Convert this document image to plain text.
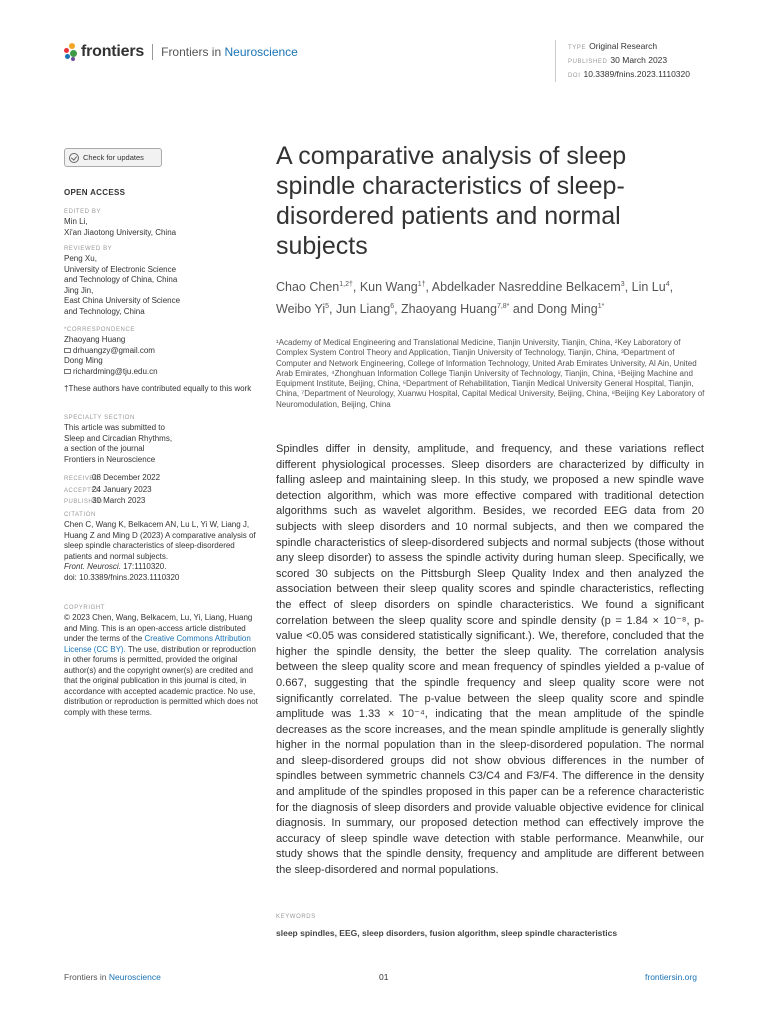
frontiers Frontiers in Neuroscience	TYPE Original Research
PUBLISHED 30 March 2023
DOI 10.3389/fnins.2023.1110320
Check for updates
OPEN ACCESS
EDITED BY
Min Li,
Xi'an Jiaotong University, China
REVIEWED BY
Peng Xu,
University of Electronic Science
and Technology of China, China
Jing Jin,
East China University of Science
and Technology, China
*CORRESPONDENCE
Zhaoyang Huang
drhuangzy@gmail.com
Dong Ming
richardming@tju.edu.cn
†These authors have contributed equally to this work
SPECIALTY SECTION
This article was submitted to
Sleep and Circadian Rhythms,
a section of the journal
Frontiers in Neuroscience
RECEIVED08 December 2022
ACCEPTED24 January 2023
PUBLISHED30 March 2023
CITATION
Chen C, Wang K, Belkacem AN, Lu L, Yi W, Liang J, Huang Z and Ming D (2023) A comparative analysis of sleep spindle characteristics of sleep-disordered patients and normal subjects.
Front. Neurosci. 17:1110320.
doi: 10.3389/fnins.2023.1110320
COPYRIGHT
© 2023 Chen, Wang, Belkacem, Lu, Yi, Liang, Huang and Ming. This is an open-access article distributed under the terms of the Creative Commons Attribution License (CC BY). The use, distribution or reproduction in other forums is permitted, provided the original author(s) and the copyright owner(s) are credited and that the original publication in this journal is cited, in accordance with accepted academic practice. No use, distribution or reproduction is permitted which does not comply with these terms.
A comparative analysis of sleep spindle characteristics of sleep-disordered patients and normal subjects
Chao Chen$^{1,2\dagger}$, Kun Wang$^{1\dagger}$, Abdelkader Nasreddine Belkacem$^3$, Lin Lu$^4$, Weibo Yi$^5$, Jun Liang$^6$, Zhaoyang Huang$^{7,8*}$ and Dong Ming$^{1*}$
¹Academy of Medical Engineering and Translational Medicine, Tianjin University, Tianjin, China, ²Key Laboratory of Complex System Control Theory and Application, Tianjin University of Technology, Tianjin, China, ³Department of Computer and Network Engineering, College of Information Technology, United Arab Emirates University, Al Ain, United Arab Emirates, ⁴Zhonghuan Information College Tianjin University of Technology, Tianjin, China, ⁵Beijing Machine and Equipment Institute, Beijing, China, ⁶Department of Rehabilitation, Tianjin Medical University General Hospital, Tianjin, China, ⁷Department of Neurology, Xuanwu Hospital, Capital Medical University, Beijing, China, ⁸Beijing Key Laboratory of Neuromodulation, Beijing, China
Spindles differ in density, amplitude, and frequency, and these variations reflect different physiological processes. Sleep disorders are characterized by difficulty in falling asleep and maintaining sleep. In this study, we proposed a new spindle wave detection algorithm, which was more effective compared with traditional detection algorithms such as wavelet algorithm. Besides, we recorded EEG data from 20 subjects with sleep disorders and 10 normal subjects, and then we compared the spindle characteristics of sleep-disordered subjects and normal subjects (those without any sleep disorder) to assess the spindle activity during human sleep. Specifically, we scored 30 subjects on the Pittsburgh Sleep Quality Index and then analyzed the association between their sleep quality scores and spindle characteristics, reflecting the effect of sleep disorders on spindle characteristics. We found a significant correlation between the sleep quality score and spindle density (p = 1.84 × 10⁻⁸, p-value <0.05 was considered statistically significant.). We, therefore, concluded that the higher the spindle density, the better the sleep quality. The correlation analysis between the sleep quality score and mean frequency of spindles yielded a p-value of 0.667, suggesting that the spindle frequency and sleep quality score were not significantly correlated. The p-value between the sleep quality score and spindle amplitude was 1.33 × 10⁻⁴, indicating that the mean amplitude of the spindle decreases as the score increases, and the mean spindle amplitude is generally slightly higher in the normal population than in the sleep-disordered population. The normal and sleep-disordered groups did not show obvious differences in the number of spindles between symmetric channels C3/C4 and F3/F4. The difference in the density and amplitude of the spindles proposed in this paper can be a reference characteristic for the diagnosis of sleep disorders and provide valuable objective evidence for clinical diagnosis. In summary, our proposed detection method can effectively improve the accuracy of sleep spindle wave detection with stable performance. Meanwhile, our study shows that the spindle density, frequency and amplitude are different between the sleep-disordered and normal populations.
KEYWORDS
sleep spindles, EEG, sleep disorders, fusion algorithm, sleep spindle characteristics
Frontiers in Neuroscience	01	frontiersin.org
